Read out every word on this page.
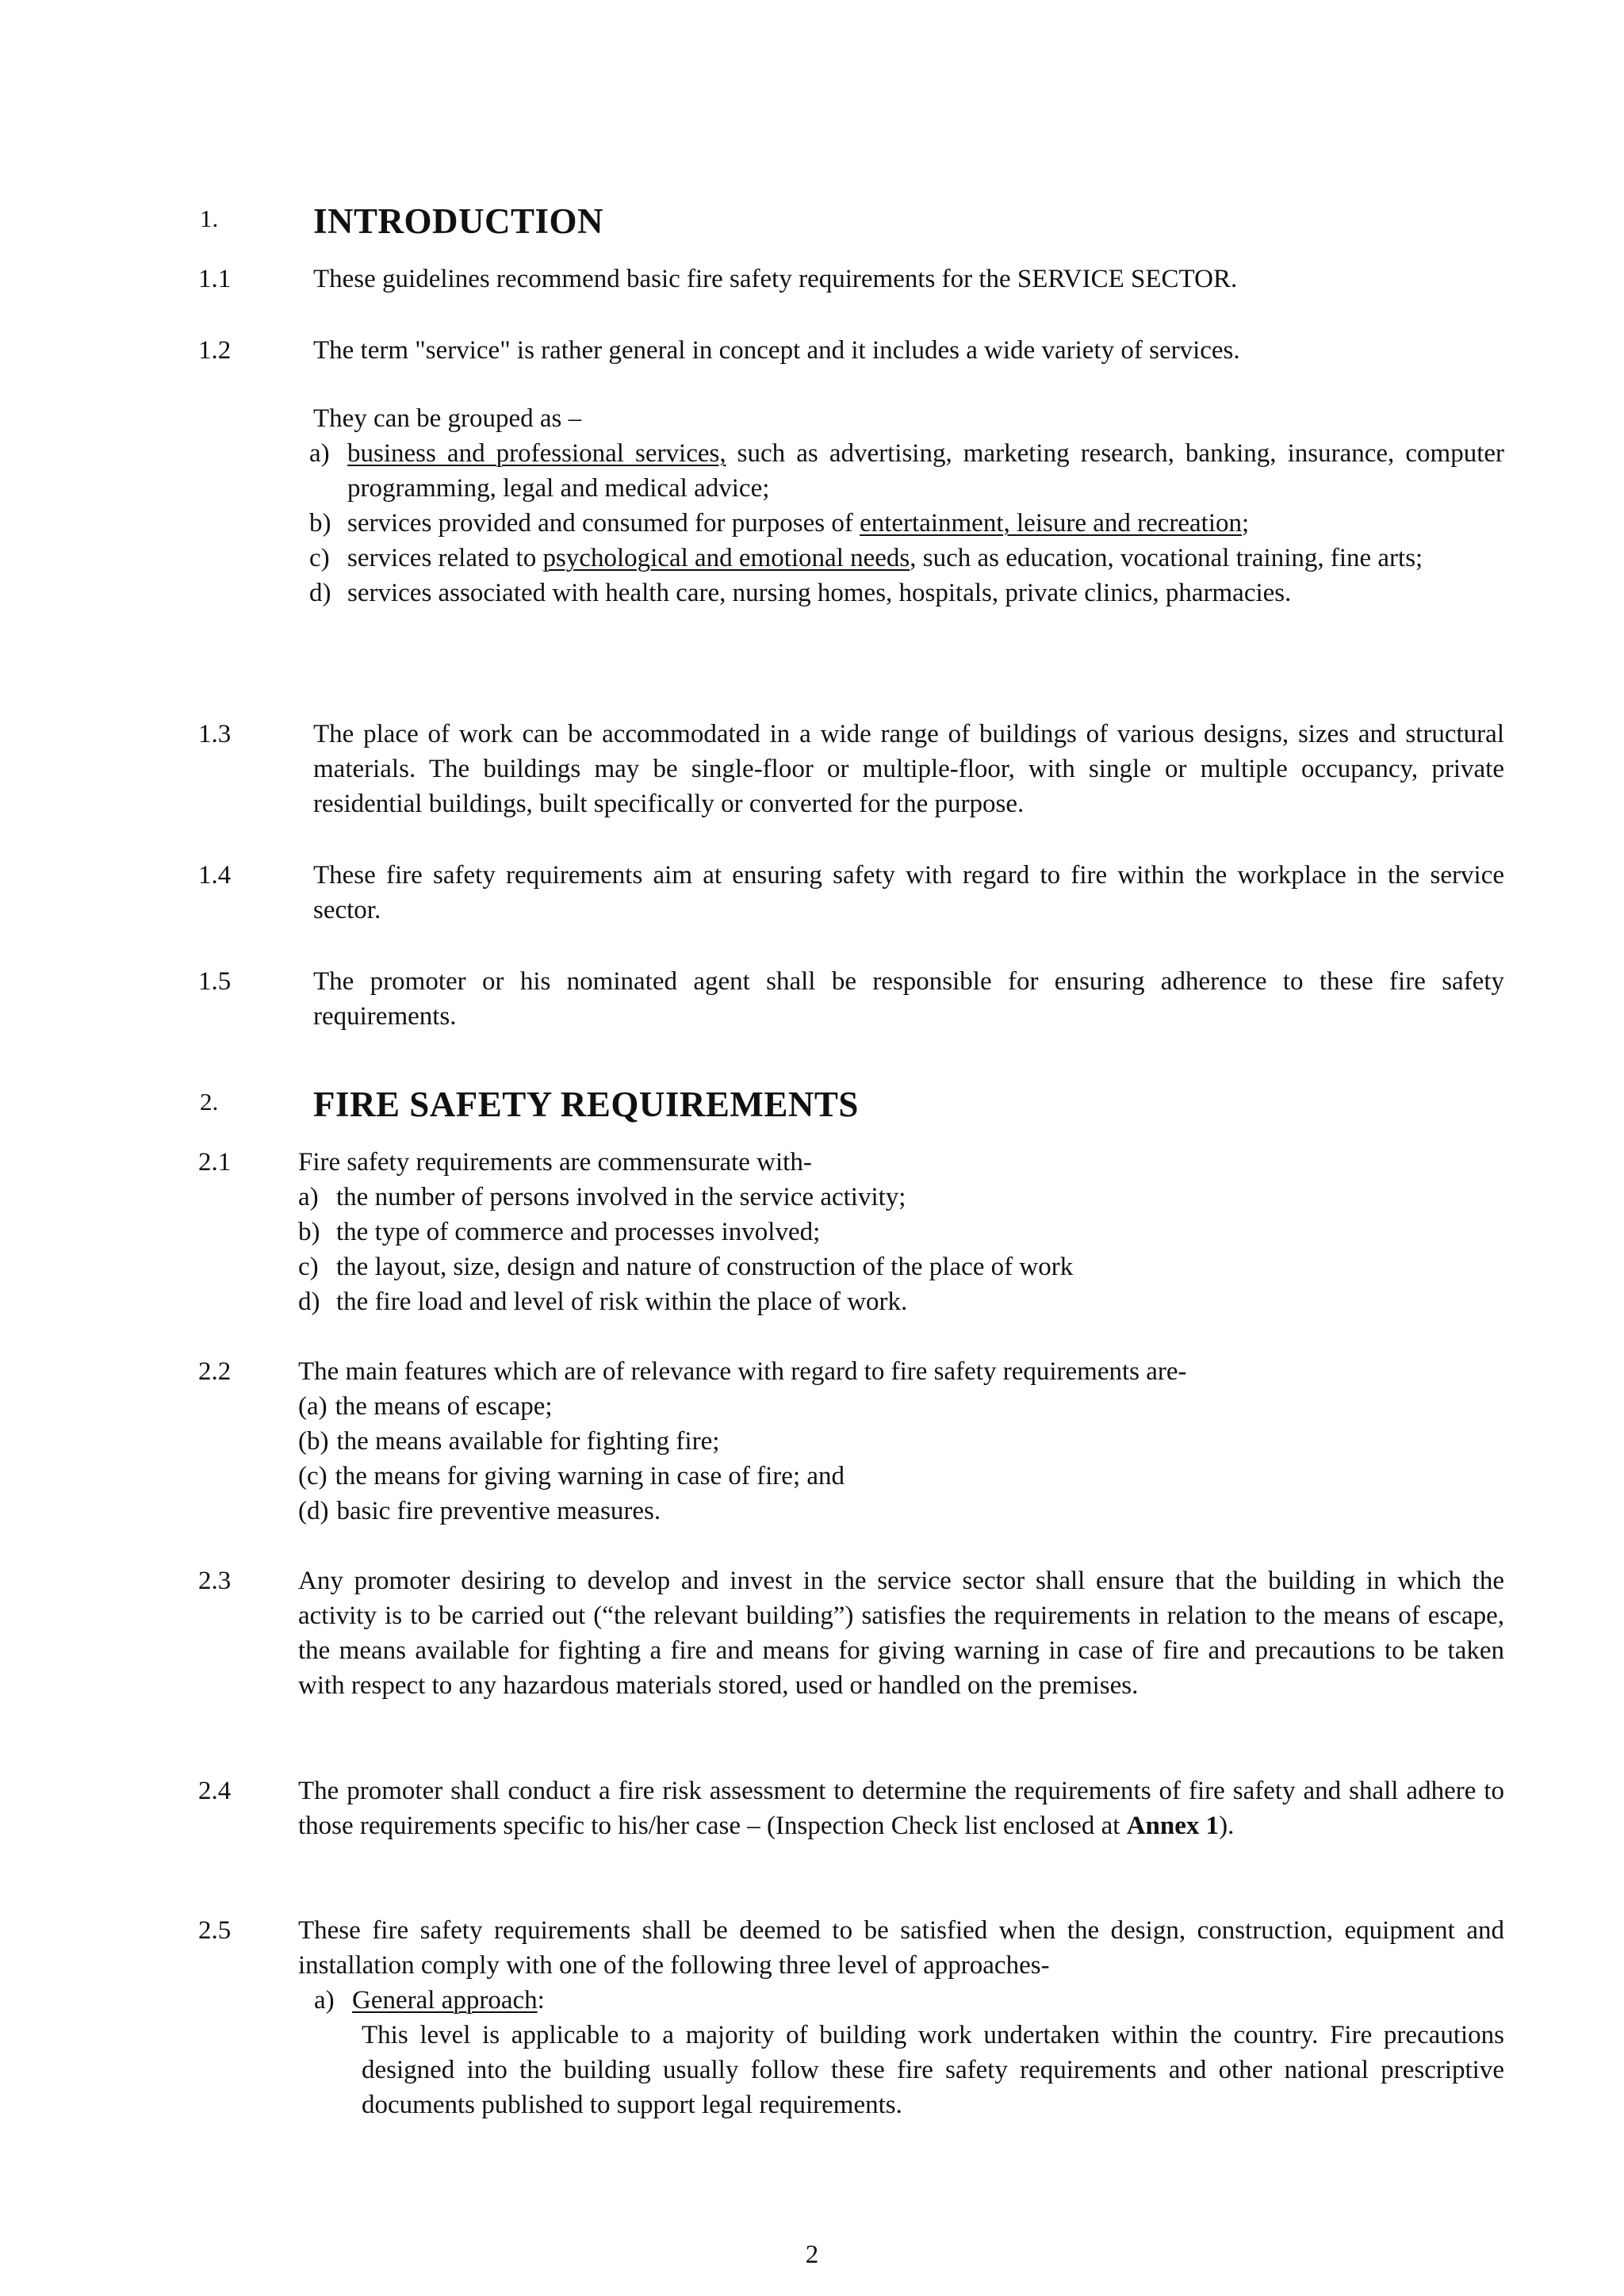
1.	INTRODUCTION
1.1	These guidelines recommend basic fire safety requirements for the SERVICE SECTOR.

1.2	The term "service" is rather general in concept and it includes a wide variety of services.

They can be grouped as –

a) business and professional services, such as advertising, marketing research, banking, insurance, computer programming, legal and medical advice;
b) services provided and consumed for purposes of entertainment, leisure and recreation;
c) services related to psychological and emotional needs, such as education, vocational training, fine arts;
d) services associated with health care, nursing homes, hospitals, private clinics, pharmacies.
1.3	The place of work can be accommodated in a wide range of buildings of various designs, sizes and structural materials. The buildings may be single-floor or multiple-floor, with single or multiple occupancy, private residential buildings, built specifically or converted for the purpose.

1.4	These fire safety requirements aim at ensuring safety with regard to fire within the workplace in the service sector.

1.5	The promoter or his nominated agent shall be responsible for ensuring adherence to these fire safety requirements.

2.	FIRE SAFETY REQUIREMENTS
2.1	Fire safety requirements are commensurate with-

a) the number of persons involved in the service activity;
b) the type of commerce and processes involved;
c) the layout, size, design and nature of construction of the place of work
d) the fire load and level of risk within the place of work.
2.2	The main features which are of relevance with regard to fire safety requirements are-

(a) the means of escape;
(b) the means available for fighting fire;
(c) the means for giving warning in case of fire; and
(d) basic fire preventive measures.
2.3	Any promoter desiring to develop and invest in the service sector shall ensure that the building in which the activity is to be carried out (“the relevant building”) satisfies the requirements in relation to the means of escape, the means available for fighting a fire and means for giving warning in case of fire and precautions to be taken with respect to any hazardous materials stored, used or handled on the premises.

2.4	The promoter shall conduct a fire risk assessment to determine the requirements of fire safety and shall adhere to those requirements specific to his/her case – (Inspection Check list enclosed at Annex 1).

2.5	These fire safety requirements shall be deemed to be satisfied when the design, construction, equipment and installation comply with one of the following three level of approaches-

a) General approach:

This level is applicable to a majority of building work undertaken within the country. Fire precautions designed into the building usually follow these fire safety requirements and other national prescriptive documents published to support legal requirements.

2
